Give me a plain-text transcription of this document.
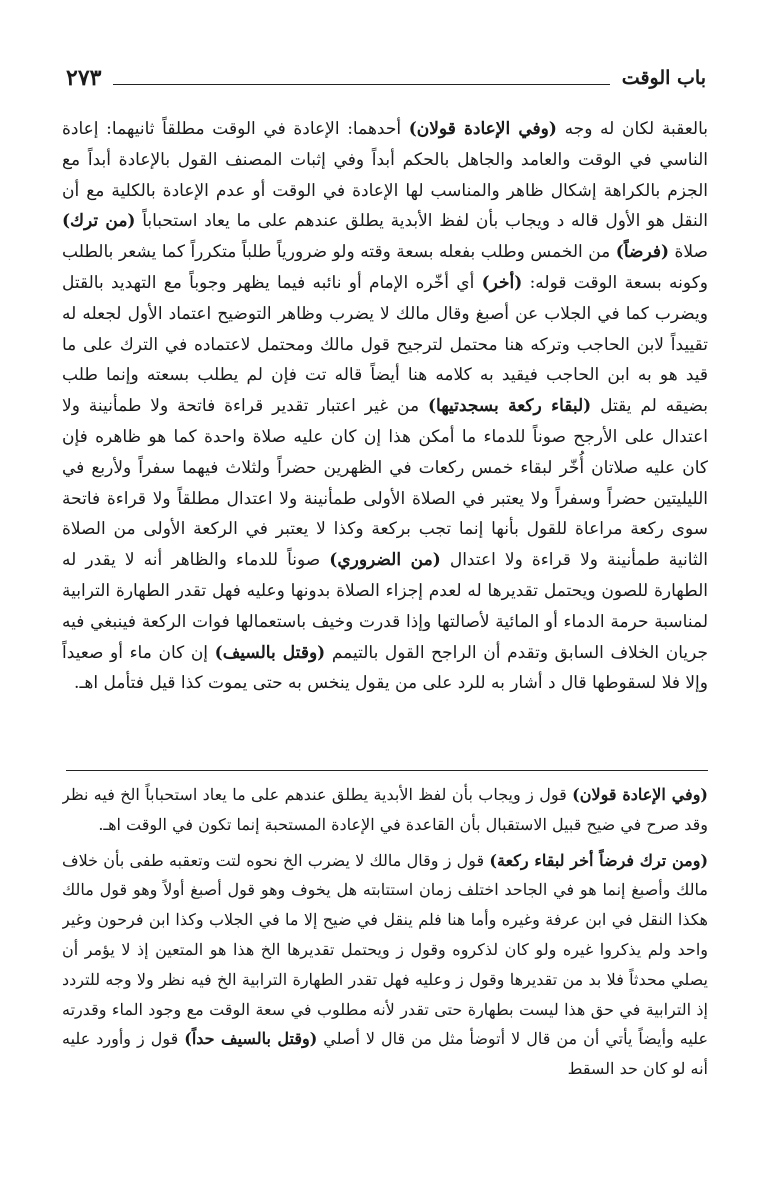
باب الوقت
٢٧٣

بالعقبة لكان له وجه (وفي الإعادة قولان) أحدهما: الإعادة في الوقت مطلقاً ثانيهما: إعادة الناسي في الوقت والعامد والجاهل بالحكم أبداً وفي إثبات المصنف القول بالإعادة أبداً مع الجزم بالكراهة إشكال ظاهر والمناسب لها الإعادة في الوقت أو عدم الإعادة بالكلية مع أن النقل هو الأول قاله د ويجاب بأن لفظ الأبدية يطلق عندهم على ما يعاد استحباباً (من ترك) صلاة (فرضاً) من الخمس وطلب بفعله بسعة وقته ولو ضرورياً طلباً متكرراً كما يشعر بالطلب وكونه بسعة الوقت قوله: (أخر) أي أخّره الإمام أو نائبه فيما يظهر وجوباً مع التهديد بالقتل ويضرب كما في الجلاب عن أصبغ وقال مالك لا يضرب وظاهر التوضيح اعتماد الأول لجعله له تقييداً لابن الحاجب وتركه هنا محتمل لترجيح قول مالك ومحتمل لاعتماده في الترك على ما قيد هو به ابن الحاجب فيقيد به كلامه هنا أيضاً قاله تت فإن لم يطلب بسعته وإنما طلب بضيقه لم يقتل (لبقاء ركعة بسجدتيها) من غير اعتبار تقدير قراءة فاتحة ولا طمأنينة ولا اعتدال على الأرجح صوناً للدماء ما أمكن هذا إن كان عليه صلاة واحدة كما هو ظاهره فإن كان عليه صلاتان أُخّر لبقاء خمس ركعات في الظهرين حضراً ولثلاث فيهما سفراً ولأربع في الليليتين حضراً وسفراً ولا يعتبر في الصلاة الأولى طمأنينة ولا اعتدال مطلقاً ولا قراءة فاتحة سوى ركعة مراعاة للقول بأنها إنما تجب بركعة وكذا لا يعتبر في الركعة الأولى من الصلاة الثانية طمأنينة ولا قراءة ولا اعتدال (من الضروري) صوناً للدماء والظاهر أنه لا يقدر له الطهارة للصون ويحتمل تقديرها له لعدم إجزاء الصلاة بدونها وعليه فهل تقدر الطهارة الترابية لمناسبة حرمة الدماء أو المائية لأصالتها وإذا قدرت وخيف باستعمالها فوات الركعة فينبغي فيه جريان الخلاف السابق وتقدم أن الراجح القول بالتيمم (وقتل بالسيف) إن كان ماء أو صعيداً وإلا فلا لسقوطها قال د أشار به للرد على من يقول ينخس به حتى يموت كذا قيل فتأمل اهـ.

(وفي الإعادة قولان) قول ز ويجاب بأن لفظ الأبدية يطلق عندهم على ما يعاد استحباباً الخ فيه نظر وقد صرح في ضيح قبيل الاستقبال بأن القاعدة في الإعادة المستحبة إنما تكون في الوقت اهـ.

(ومن ترك فرضاً أخر لبقاء ركعة) قول ز وقال مالك لا يضرب الخ نحوه لتت وتعقبه طفى بأن خلاف مالك وأصبغ إنما هو في الجاحد اختلف زمان استتابته هل يخوف وهو قول أصبغ أولاً وهو قول مالك هكذا النقل في ابن عرفة وغيره وأما هنا فلم ينقل في ضيح إلا ما في الجلاب وكذا ابن فرحون وغير واحد ولم يذكروا غيره ولو كان لذكروه وقول ز ويحتمل تقديرها الخ هذا هو المتعين إذ لا يؤمر أن يصلي محدثاً فلا بد من تقديرها وقول ز وعليه فهل تقدر الطهارة الترابية الخ فيه نظر ولا وجه للتردد إذ الترابية في حق هذا ليست بطهارة حتى تقدر لأنه مطلوب في سعة الوقت مع وجود الماء وقدرته عليه وأيضاً يأتي أن من قال لا أتوضأ مثل من قال لا أصلي (وقتل بالسيف حداً) قول ز وأورد عليه أنه لو كان حد السقط
